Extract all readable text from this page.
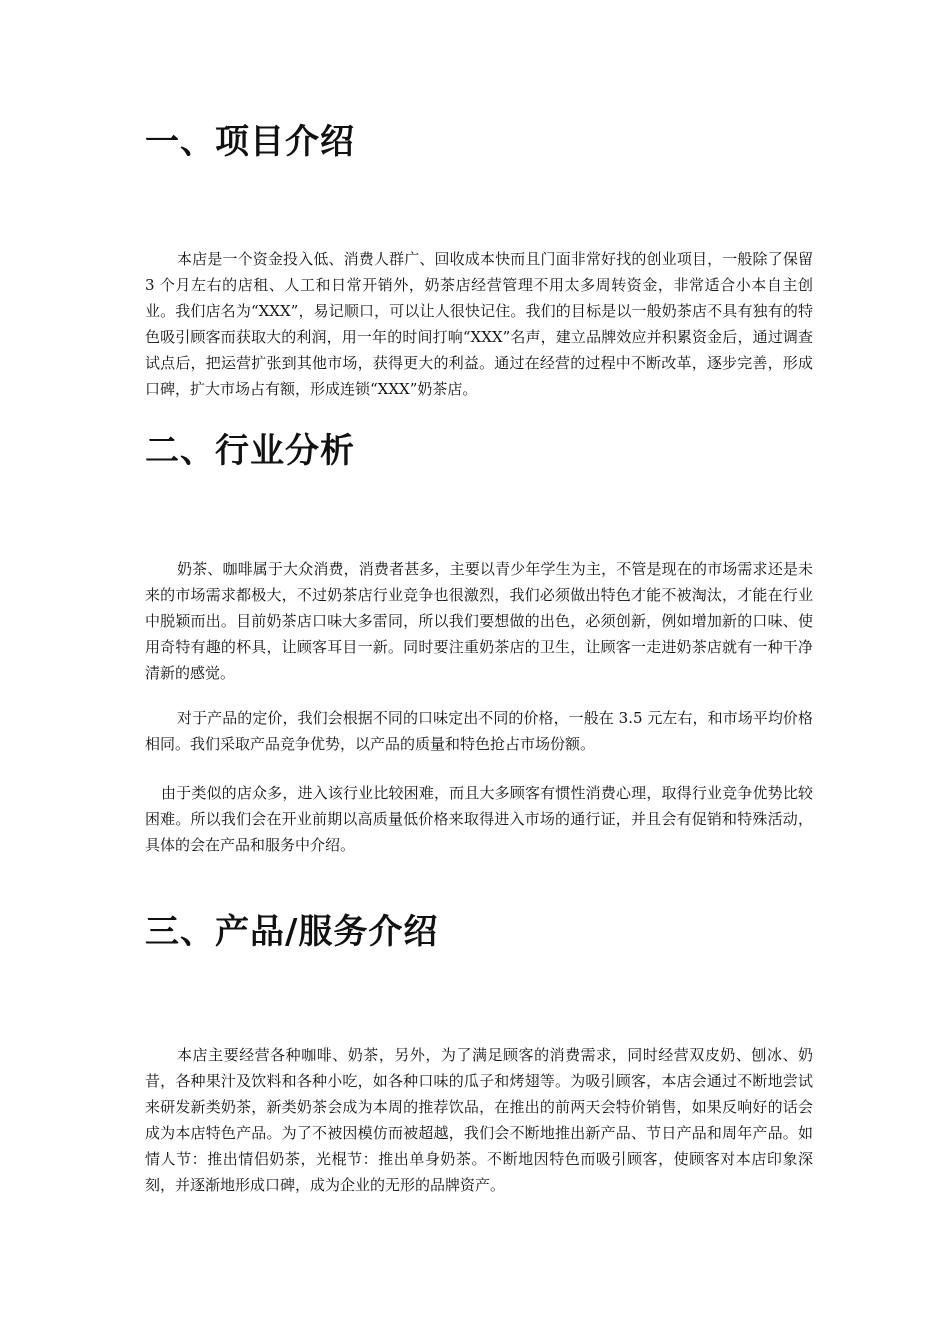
一、项目介绍

本店是一个资金投入低、消费人群广、回收成本快而且门面非常好找的创业项目，一般除了保留 3 个月左右的店租、人工和日常开销外，奶茶店经营管理不用太多周转资金，非常适合小本自主创业。我们店名为“XXX”，易记顺口，可以让人很快记住。我们的目标是以一般奶茶店不具有独有的特色吸引顾客而获取大的利润，用一年的时间打响“XXX”名声，建立品牌效应并积累资金后，通过调查试点后，把运营扩张到其他市场，获得更大的利益。通过在经营的过程中不断改革，逐步完善，形成口碑，扩大市场占有额，形成连锁“XXX”奶茶店。

二、行业分析

奶茶、咖啡属于大众消费，消费者甚多，主要以青少年学生为主，不管是现在的市场需求还是未来的市场需求都极大，不过奶茶店行业竞争也很激烈，我们必须做出特色才能不被淘汰，才能在行业中脱颖而出。目前奶茶店口味大多雷同，所以我们要想做的出色，必须创新，例如增加新的口味、使用奇特有趣的杯具，让顾客耳目一新。同时要注重奶茶店的卫生，让顾客一走进奶茶店就有一种干净清新的感觉。

对于产品的定价，我们会根据不同的口味定出不同的价格，一般在 3.5 元左右，和市场平均价格相同。我们采取产品竞争优势，以产品的质量和特色抢占市场份额。

由于类似的店众多，进入该行业比较困难，而且大多顾客有惯性消费心理，取得行业竞争优势比较困难。所以我们会在开业前期以高质量低价格来取得进入市场的通行证，并且会有促销和特殊活动，具体的会在产品和服务中介绍。

三、产品/服务介绍

本店主要经营各种咖啡、奶茶，另外，为了满足顾客的消费需求，同时经营双皮奶、刨冰、奶昔，各种果汁及饮料和各种小吃，如各种口味的瓜子和烤翅等。为吸引顾客，本店会通过不断地尝试来研发新类奶茶，新类奶茶会成为本周的推荐饮品，在推出的前两天会特价销售，如果反响好的话会成为本店特色产品。为了不被因模仿而被超越，我们会不断地推出新产品、节日产品和周年产品。如情人节：推出情侣奶茶，光棍节：推出单身奶茶。不断地因特色而吸引顾客，使顾客对本店印象深刻，并逐渐地形成口碑，成为企业的无形的品牌资产。
